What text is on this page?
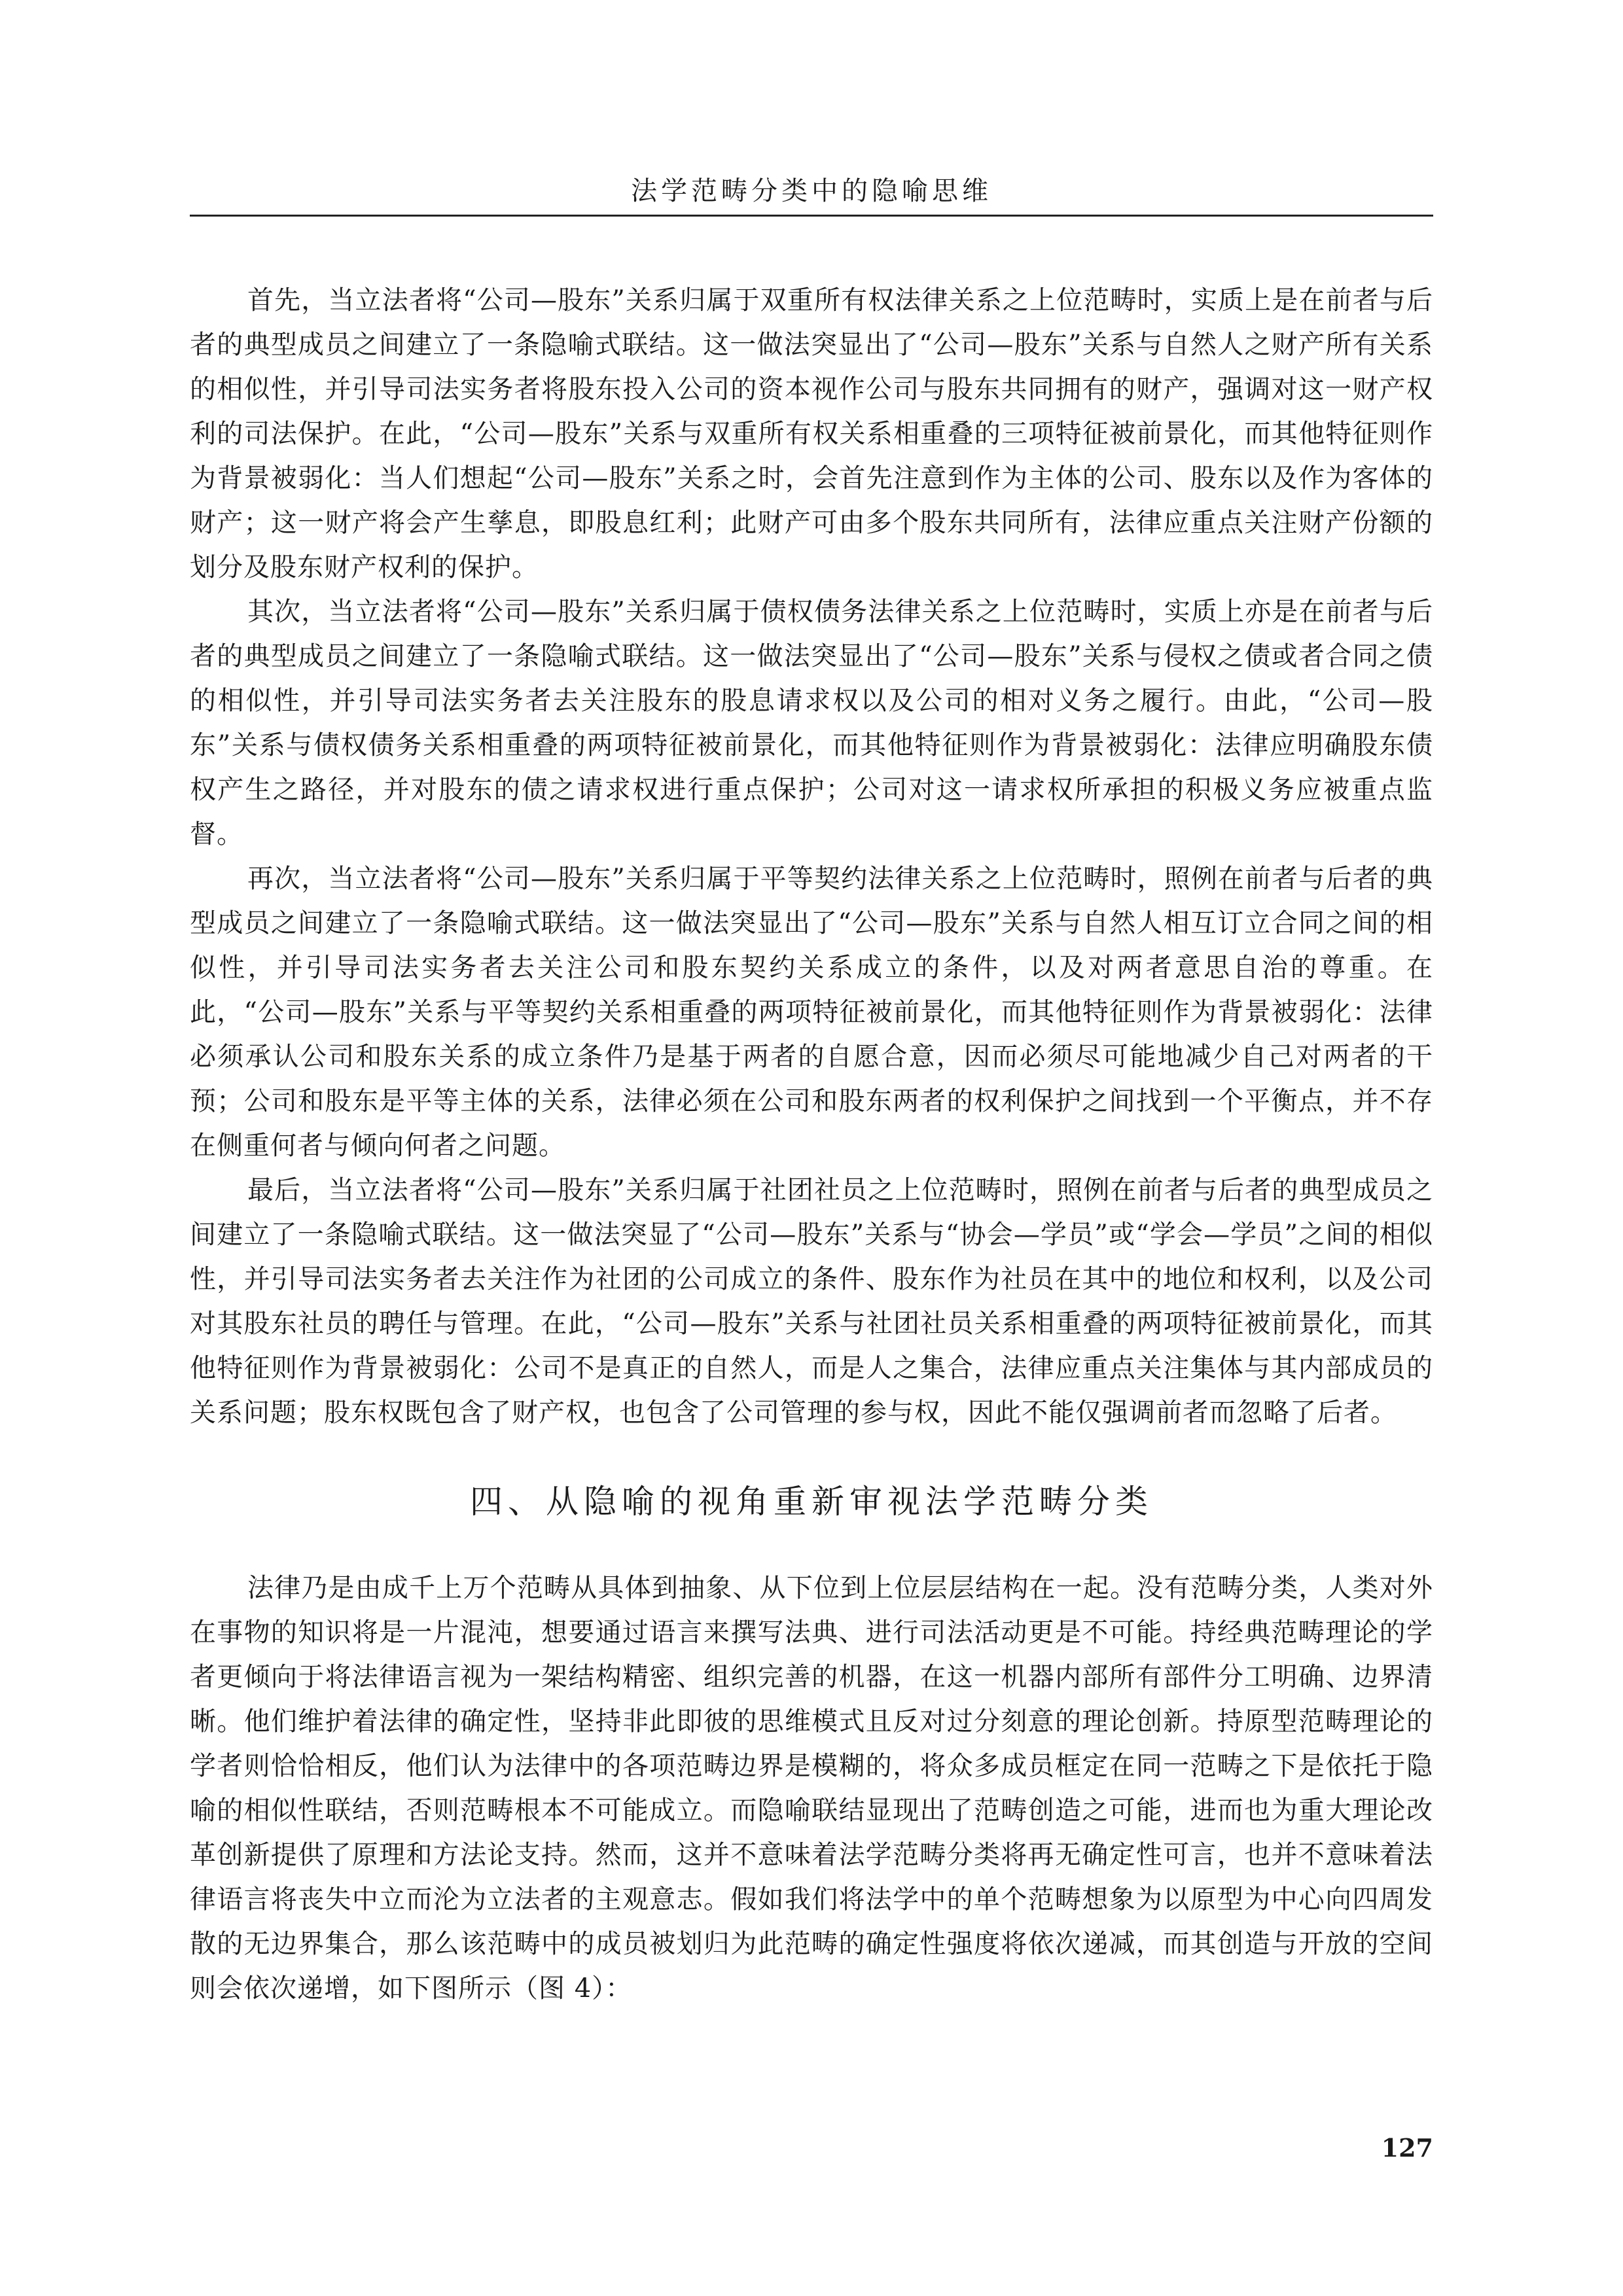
法学范畴分类中的隐喻思维

首先，当立法者将“公司—股东”关系归属于双重所有权法律关系之上位范畴时，实质上是在前者与后者的典型成员之间建立了一条隐喻式联结。这一做法突显出了“公司—股东”关系与自然人之财产所有关系的相似性，并引导司法实务者将股东投入公司的资本视作公司与股东共同拥有的财产，强调对这一财产权利的司法保护。在此，“公司—股东”关系与双重所有权关系相重叠的三项特征被前景化，而其他特征则作为背景被弱化：当人们想起“公司—股东”关系之时，会首先注意到作为主体的公司、股东以及作为客体的财产；这一财产将会产生孳息，即股息红利；此财产可由多个股东共同所有，法律应重点关注财产份额的划分及股东财产权利的保护。

其次，当立法者将“公司—股东”关系归属于债权债务法律关系之上位范畴时，实质上亦是在前者与后者的典型成员之间建立了一条隐喻式联结。这一做法突显出了“公司—股东”关系与侵权之债或者合同之债的相似性，并引导司法实务者去关注股东的股息请求权以及公司的相对义务之履行。由此，“公司—股东”关系与债权债务关系相重叠的两项特征被前景化，而其他特征则作为背景被弱化：法律应明确股东债权产生之路径，并对股东的债之请求权进行重点保护；公司对这一请求权所承担的积极义务应被重点监督。

再次，当立法者将“公司—股东”关系归属于平等契约法律关系之上位范畴时，照例在前者与后者的典型成员之间建立了一条隐喻式联结。这一做法突显出了“公司—股东”关系与自然人相互订立合同之间的相似性，并引导司法实务者去关注公司和股东契约关系成立的条件，以及对两者意思自治的尊重。在此，“公司—股东”关系与平等契约关系相重叠的两项特征被前景化，而其他特征则作为背景被弱化：法律必须承认公司和股东关系的成立条件乃是基于两者的自愿合意，因而必须尽可能地减少自己对两者的干预；公司和股东是平等主体的关系，法律必须在公司和股东两者的权利保护之间找到一个平衡点，并不存在侧重何者与倾向何者之问题。

最后，当立法者将“公司—股东”关系归属于社团社员之上位范畴时，照例在前者与后者的典型成员之间建立了一条隐喻式联结。这一做法突显了“公司—股东”关系与“协会—学员”或“学会—学员”之间的相似性，并引导司法实务者去关注作为社团的公司成立的条件、股东作为社员在其中的地位和权利，以及公司对其股东社员的聘任与管理。在此，“公司—股东”关系与社团社员关系相重叠的两项特征被前景化，而其他特征则作为背景被弱化：公司不是真正的自然人，而是人之集合，法律应重点关注集体与其内部成员的关系问题；股东权既包含了财产权，也包含了公司管理的参与权，因此不能仅强调前者而忽略了后者。

四、从隐喻的视角重新审视法学范畴分类

法律乃是由成千上万个范畴从具体到抽象、从下位到上位层层结构在一起。没有范畴分类，人类对外在事物的知识将是一片混沌，想要通过语言来撰写法典、进行司法活动更是不可能。持经典范畴理论的学者更倾向于将法律语言视为一架结构精密、组织完善的机器，在这一机器内部所有部件分工明确、边界清晰。他们维护着法律的确定性，坚持非此即彼的思维模式且反对过分刻意的理论创新。持原型范畴理论的学者则恰恰相反，他们认为法律中的各项范畴边界是模糊的，将众多成员框定在同一范畴之下是依托于隐喻的相似性联结，否则范畴根本不可能成立。而隐喻联结显现出了范畴创造之可能，进而也为重大理论改革创新提供了原理和方法论支持。然而，这并不意味着法学范畴分类将再无确定性可言，也并不意味着法律语言将丧失中立而沦为立法者的主观意志。假如我们将法学中的单个范畴想象为以原型为中心向四周发散的无边界集合，那么该范畴中的成员被划归为此范畴的确定性强度将依次递减，而其创造与开放的空间则会依次递增，如下图所示（图 4）：

127
